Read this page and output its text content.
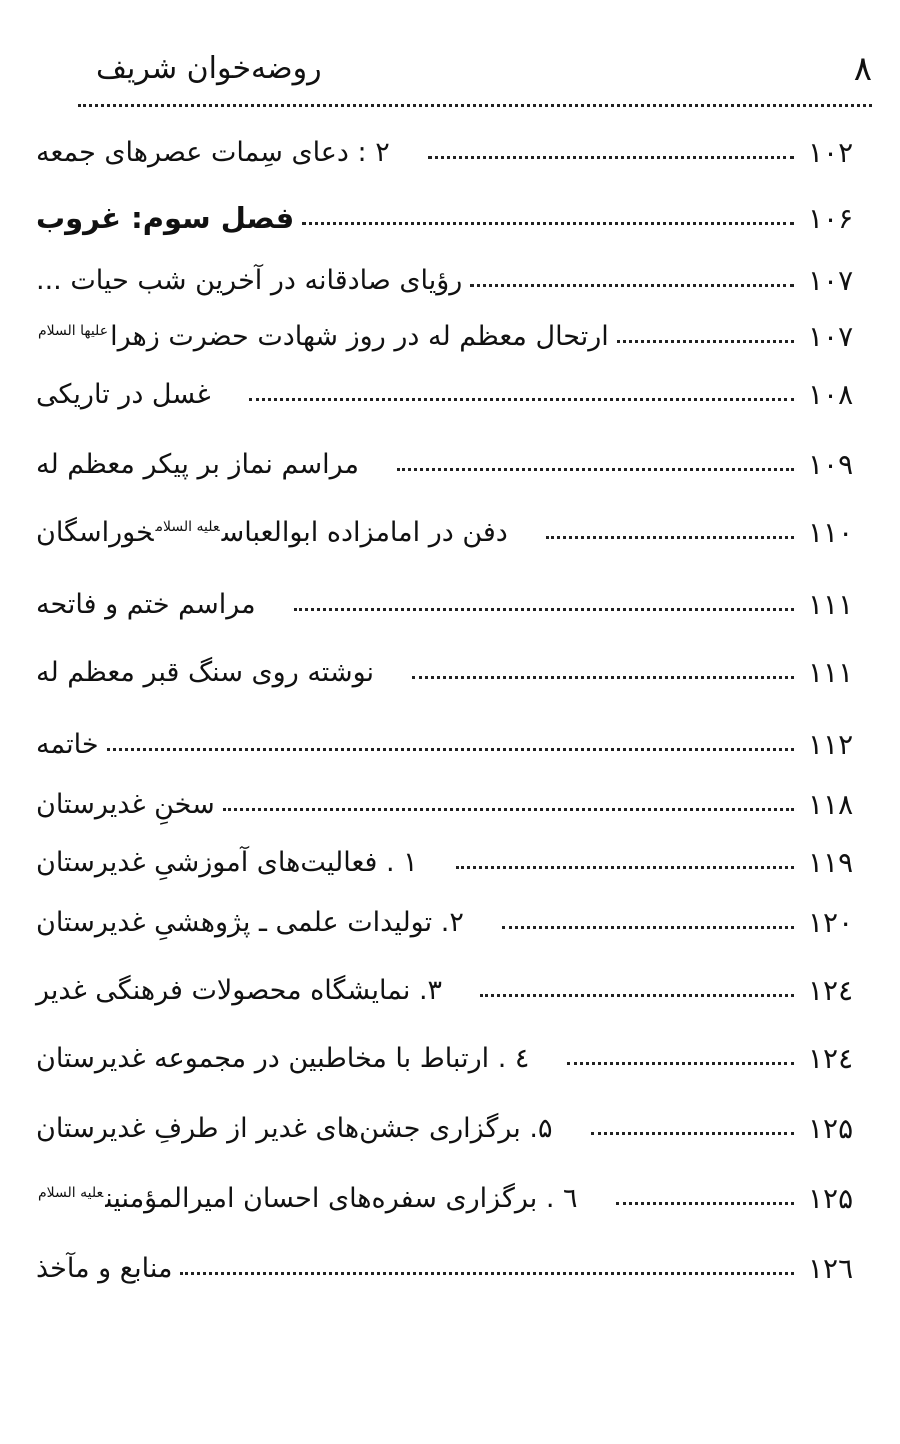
۸
روضه‌خوان شریف
۲ : دعای سِمات عصرهای جمعه	۱۰۲
فصل سوم: غروب	۱۰۶
رؤیای صادقانه در آخرین شب حیات ...	۱۰۷
ارتحال معظم له در روز شهادت حضرت زهرا$^{علیها السلام}$	۱۰۷
غسل در تاریکی	۱۰۸
مراسم نماز بر پیکر معظم له	۱۰۹
دفن در امامزاده ابوالعباس$^{علیه السلام}$خوراسگان	۱۱۰
مراسم ختم و فاتحه	۱۱۱
نوشته روی سنگ قبر معظم له	۱۱۱
خاتمه	۱۱۲
سخنِ غدیرستان	۱۱۸
۱ . فعالیت‌های آموزشیِ غدیرستان	۱۱۹
۲. تولیدات علمی ـ پژوهشیِ غدیرستان	۱۲۰
۳. نمایشگاه محصولات فرهنگی غدیر	۱۲٤
٤ . ارتباط با مخاطبین در مجموعه غدیرستان	۱۲٤
۵. برگزاری جشن‌های غدیر از طرفِ غدیرستان	۱۲۵
٦ . برگزاری سفره‌های احسان امیرالمؤمنین$^{علیه السلام}$	۱۲۵
منابع و مآخذ	۱۲٦
